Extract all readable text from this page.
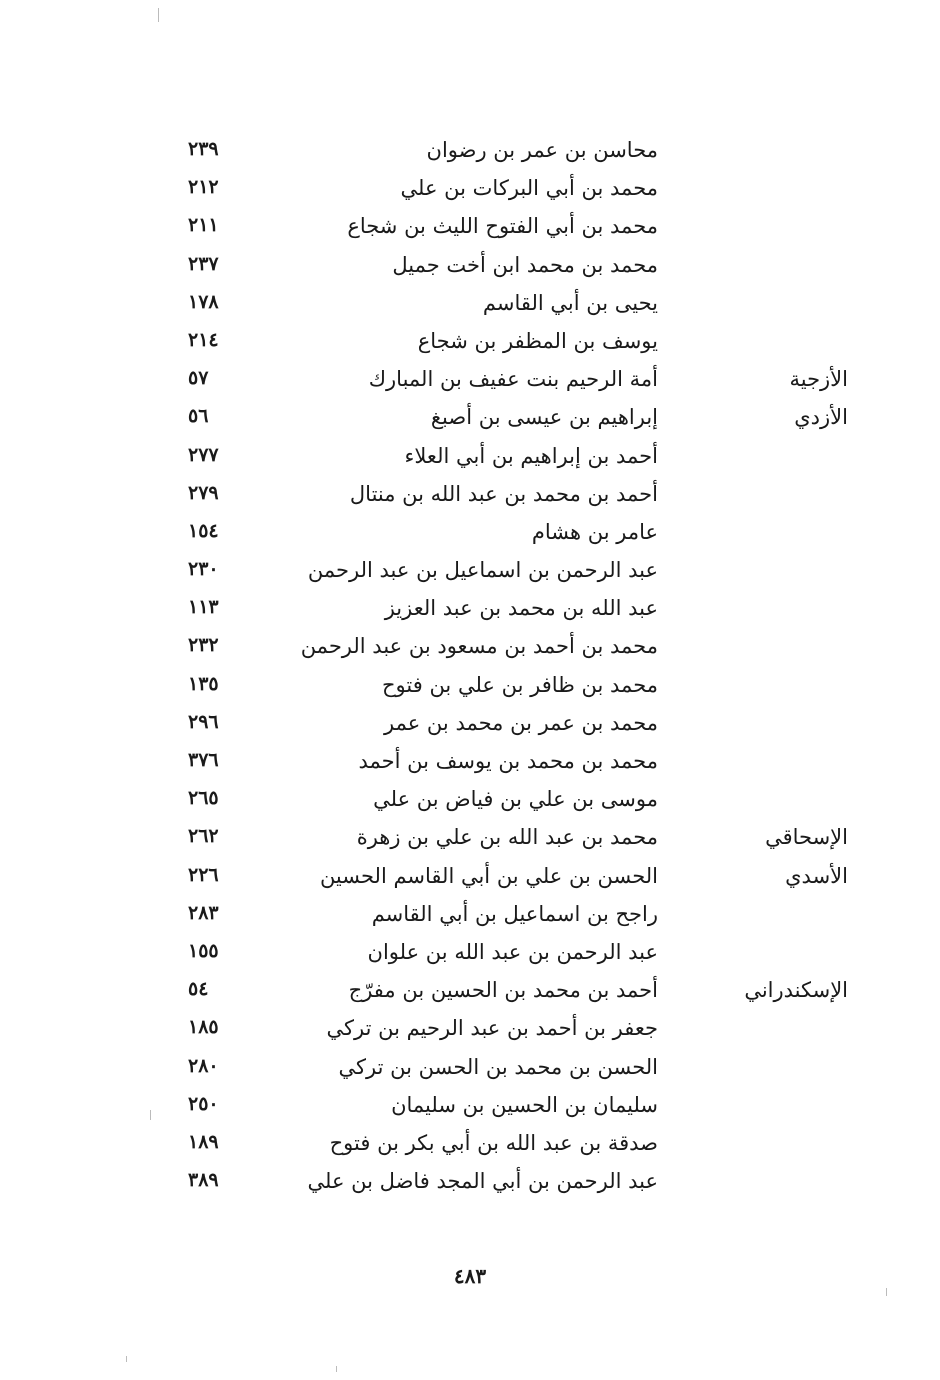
محاسن بن عمر بن رضوان
٢٣٩
محمد بن أبي البركات بن علي
٢١٢
محمد بن أبي الفتوح الليث بن شجاع
٢١١
محمد بن محمد ابن أخت جميل
٢٣٧
يحيى بن أبي القاسم
١٧٨
يوسف بن المظفر بن شجاع
٢١٤
الأزجية
أمة الرحيم بنت عفيف بن المبارك
٥٧
الأزدي
إبراهيم بن عيسى بن أصبغ
٥٦
أحمد بن إبراهيم بن أبي العلاء
٢٧٧
أحمد بن محمد بن عبد الله بن منتال
٢٧٩
عامر بن هشام
١٥٤
عبد الرحمن بن اسماعيل بن عبد الرحمن
٢٣٠
عبد الله بن محمد بن عبد العزيز
١١٣
محمد بن أحمد بن مسعود بن عبد الرحمن
٢٣٢
محمد بن ظافر بن علي بن فتوح
١٣٥
محمد بن عمر بن محمد بن عمر
٢٩٦
محمد بن محمد بن يوسف بن أحمد
٣٧٦
موسى بن علي بن فياض بن علي
٢٦٥
الإسحاقي
محمد بن عبد الله بن علي بن زهرة
٢٦٢
الأسدي
الحسن بن علي بن أبي القاسم الحسين
٢٢٦
راجح بن اسماعيل بن أبي القاسم
٢٨٣
عبد الرحمن بن عبد الله بن علوان
١٥٥
الإسكندراني
أحمد بن محمد بن الحسين بن مفرّج
٥٤
جعفر بن أحمد بن عبد الرحيم بن تركي
١٨٥
الحسن بن محمد بن الحسن بن تركي
٢٨٠
سليمان بن الحسين بن سليمان
٢٥٠
صدقة بن عبد الله بن أبي بكر بن فتوح
١٨٩
عبد الرحمن بن أبي المجد فاضل بن علي
٣٨٩
٤٨٣
